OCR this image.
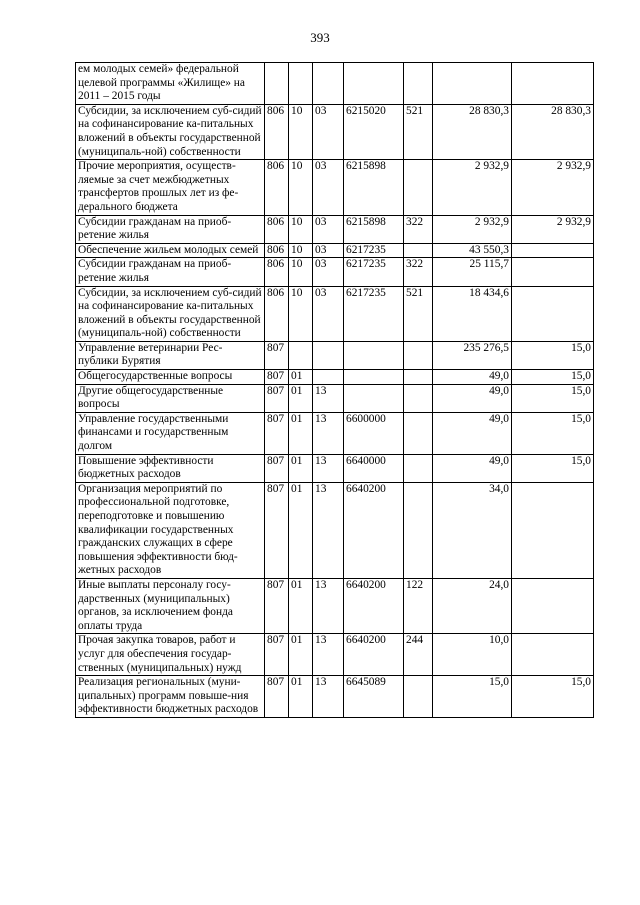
393
ем молодых семей» федеральной целевой программы «Жилище» на 2011 – 2015 годы							
Субсидии, за исключением суб-сидий на софинансирование ка-питальных вложений в объекты государственной (муниципаль-ной) собственности	806	10	03	6215020	521	28 830,3	28 830,3
Прочие мероприятия, осуществ-ляемые за счет межбюджетных трансфертов прошлых лет из фе-дерального бюджета	806	10	03	6215898		2 932,9	2 932,9
Субсидии гражданам на приоб-ретение жилья	806	10	03	6215898	322	2 932,9	2 932,9
Обеспечение жильем молодых семей	806	10	03	6217235		43 550,3	
Субсидии гражданам на приоб-ретение жилья	806	10	03	6217235	322	25 115,7	
Субсидии, за исключением суб-сидий на софинансирование ка-питальных вложений в объекты государственной (муниципаль-ной) собственности	806	10	03	6217235	521	18 434,6	
Управление ветеринарии Рес-публики Бурятия	807					235 276,5	15,0
Общегосударственные вопросы	807	01				49,0	15,0
Другие общегосударственные вопросы	807	01	13			49,0	15,0
Управление государственными финансами и государственным долгом	807	01	13	6600000		49,0	15,0
Повышение эффективности бюджетных расходов	807	01	13	6640000		49,0	15,0
Организация мероприятий по профессиональной подготовке, переподготовке и повышению квалификации государственных гражданских служащих в сфере повышения эффективности бюд-жетных расходов	807	01	13	6640200		34,0	
Иные выплаты персоналу госу-дарственных (муниципальных) органов, за исключением фонда оплаты труда	807	01	13	6640200	122	24,0	
Прочая закупка товаров, работ и услуг для обеспечения государ-ственных (муниципальных) нужд	807	01	13	6640200	244	10,0	
Реализация региональных (муни-ципальных) программ повыше-ния эффективности бюджетных расходов	807	01	13	6645089		15,0	15,0
